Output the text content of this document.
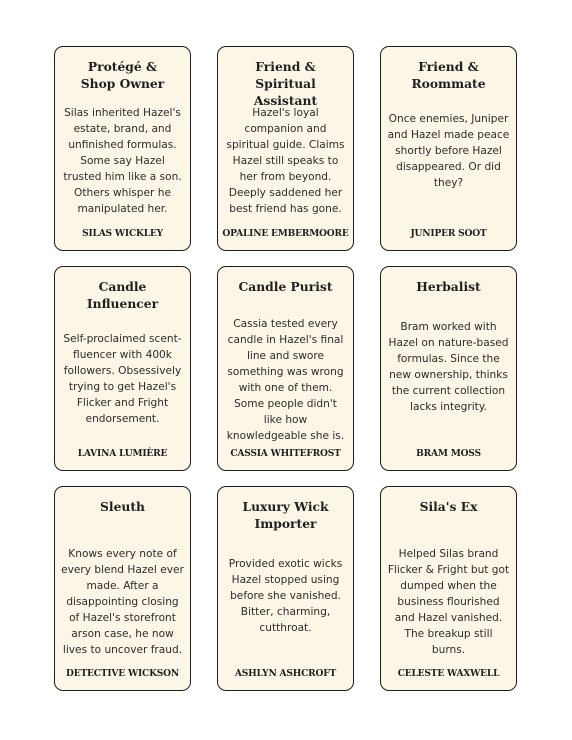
Protégé &
Shop Owner
Silas inherited Hazel's estate, brand, and unfinished formulas. Some say Hazel trusted him like a son. Others whisper he manipulated her.
SILAS WICKLEY
Friend & Spiritual
Assistant
Hazel's loyal companion and spiritual guide. Claims Hazel still speaks to her from beyond. Deeply saddened her best friend has gone.
OPALINE EMBERMOORE
Friend &
Roommate
Once enemies, Juniper and Hazel made peace shortly before Hazel disappeared. Or did they?
JUNIPER SOOT
Candle
Influencer
Self-proclaimed scent-fluencer with 400k followers. Obsessively trying to get Hazel's Flicker and Fright endorsement.
LAVINA LUMIÈRE
Candle Purist
Cassia tested every candle in Hazel's final line and swore something was wrong with one of them. Some people didn't like how knowledgeable she is.
CASSIA WHITEFROST
Herbalist
Bram worked with Hazel on nature-based formulas. Since the new ownership, thinks the current collection lacks integrity.
BRAM MOSS
Sleuth
Knows every note of every blend Hazel ever made. After a disappointing closing of Hazel's storefront arson case, he now lives to uncover fraud.
DETECTIVE WICKSON
Luxury Wick
Importer
Provided exotic wicks Hazel stopped using before she vanished. Bitter, charming, cutthroat.
ASHLYN ASHCROFT
Sila's Ex
Helped Silas brand Flicker & Fright but got dumped when the business flourished and Hazel vanished. The breakup still burns.
CELESTE WAXWELL
